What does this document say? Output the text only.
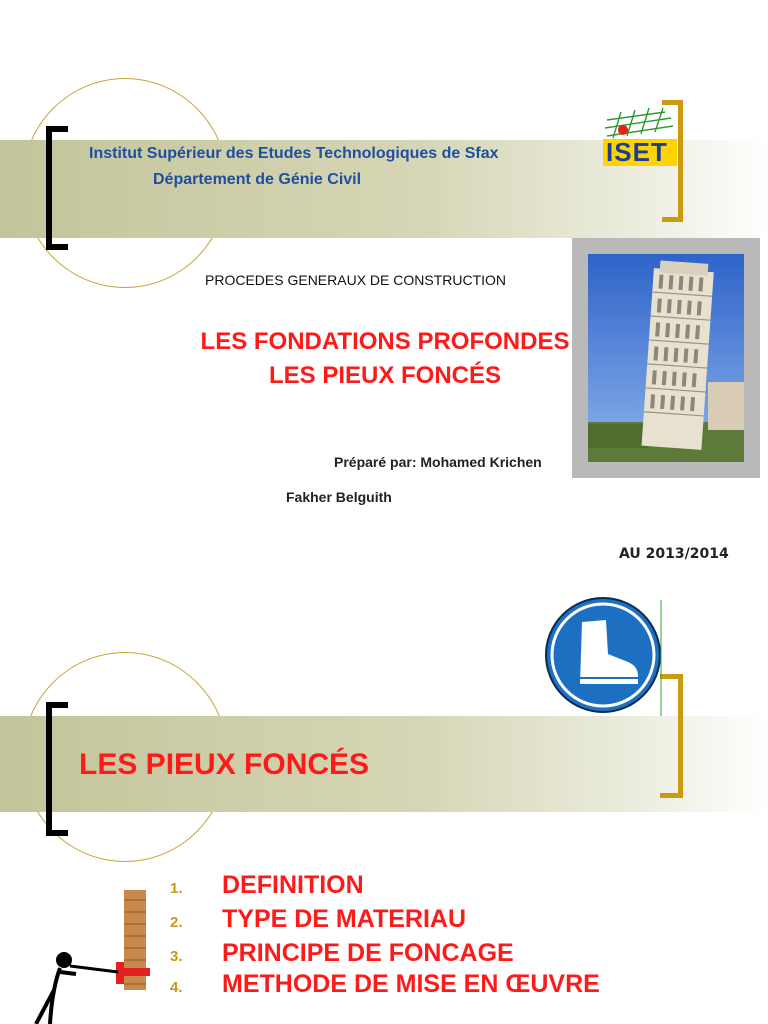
Institut Supérieur des Etudes Technologiques de Sfax
Département de Génie Civil
ISET
PROCEDES GENERAUX DE CONSTRUCTION
LES FONDATIONS PROFONDES
LES PIEUX FONCÉS
Préparé par: Mohamed Krichen
Fakher Belguith
AU 2013/2014
LES PIEUX FONCÉS
1. DEFINITION
2. TYPE DE MATERIAU
3. PRINCIPE DE FONCAGE
4. METHODE DE MISE EN ŒUVRE
